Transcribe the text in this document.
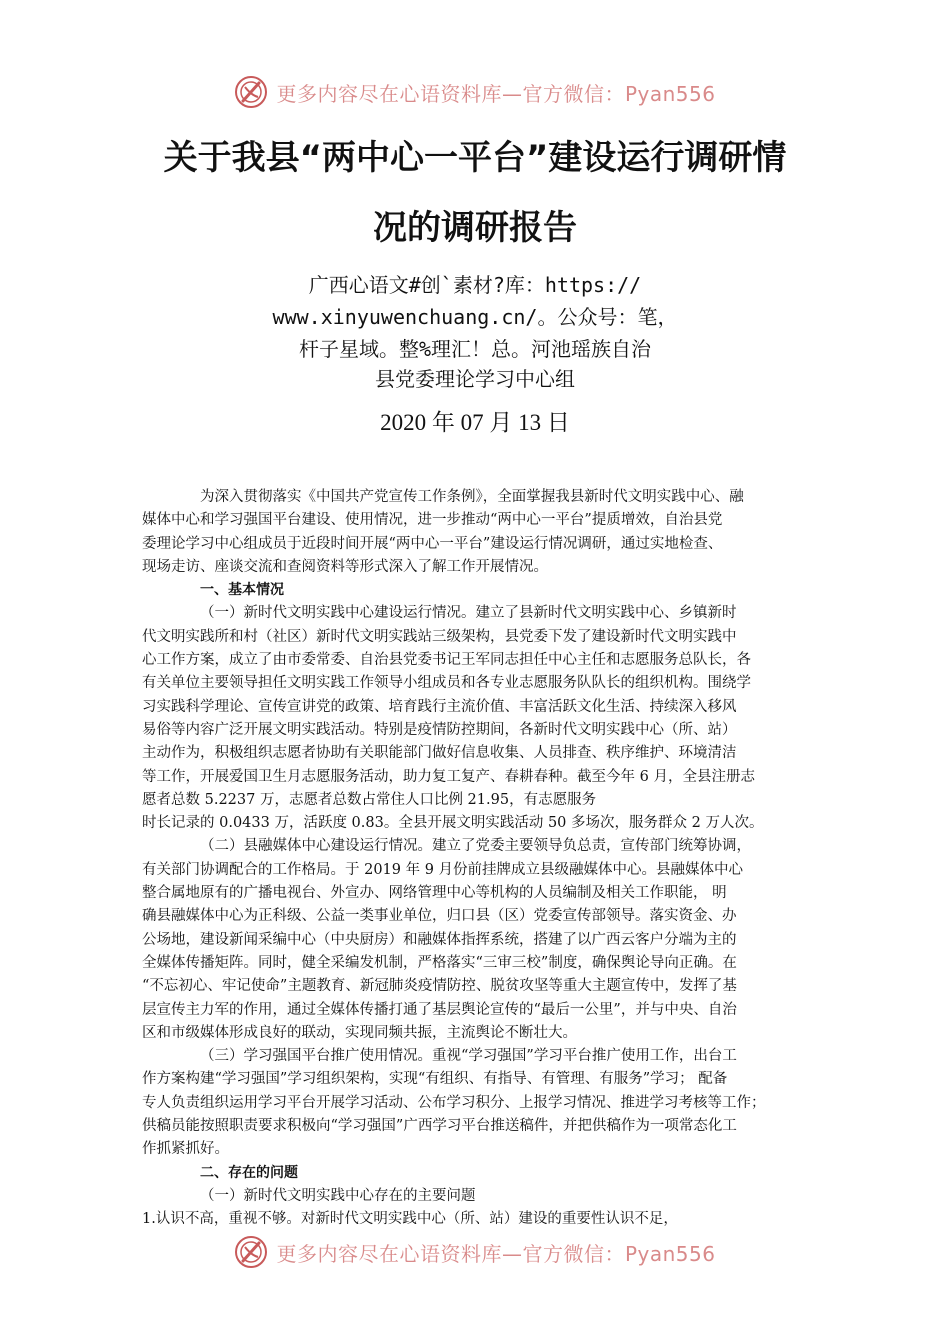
更多内容尽在心语资料库—官方微信：Pyan556
关于我县“两中心一平台”建设运行调研情
况的调研报告
广西心语文#创`素材?库：https://
www.xinyuwenchuang.cn/。公众号：笔，
杆子星域。整%理汇！总。河池瑶族自治
县党委理论学习中心组
2020 年 07 月 13 日
为深入贯彻落实《中国共产党宣传工作条例》，全面掌握我县新时代文明实践中心、融
媒体中心和学习强国平台建设、使用情况，进一步推动“两中心一平台”提质增效，自治县党
委理论学习中心组成员于近段时间开展“两中心一平台”建设运行情况调研，通过实地检查、
现场走访、座谈交流和查阅资料等形式深入了解工作开展情况。
一、基本情况
（一）新时代文明实践中心建设运行情况。建立了县新时代文明实践中心、乡镇新时
代文明实践所和村（社区）新时代文明实践站三级架构，县党委下发了建设新时代文明实践中
心工作方案，成立了由市委常委、自治县党委书记王军同志担任中心主任和志愿服务总队长，各
有关单位主要领导担任文明实践工作领导小组成员和各专业志愿服务队队长的组织机构。围绕学
习实践科学理论、宣传宣讲党的政策、培育践行主流价值、丰富活跃文化生活、持续深入移风
易俗等内容广泛开展文明实践活动。特别是疫情防控期间，各新时代文明实践中心（所、站）
主动作为，积极组织志愿者协助有关职能部门做好信息收集、人员排查、秩序维护、环境清洁
等工作，开展爱国卫生月志愿服务活动，助力复工复产、春耕春种。截至今年 6 月，全县注册志
愿者总数 5.2237 万，志愿者总数占常住人口比例 21.95，有志愿服务
时长记录的 0.0433 万，活跃度 0.83。全县开展文明实践活动 50 多场次，服务群众 2 万人次。
（二）县融媒体中心建设运行情况。建立了党委主要领导负总责，宣传部门统筹协调，
有关部门协调配合的工作格局。于 2019 年 9 月份前挂牌成立县级融媒体中心。县融媒体中心
整合属地原有的广播电视台、外宣办、网络管理中心等机构的人员编制及相关工作职能， 明
确县融媒体中心为正科级、公益一类事业单位，归口县（区）党委宣传部领导。落实资金、办
公场地，建设新闻采编中心（中央厨房）和融媒体指挥系统，搭建了以广西云客户分端为主的
全媒体传播矩阵。同时，健全采编发机制，严格落实“三审三校”制度，确保舆论导向正确。在
“不忘初心、牢记使命”主题教育、新冠肺炎疫情防控、脱贫攻坚等重大主题宣传中，发挥了基
层宣传主力军的作用，通过全媒体传播打通了基层舆论宣传的“最后一公里”，并与中央、自治
区和市级媒体形成良好的联动，实现同频共振，主流舆论不断壮大。
（三）学习强国平台推广使用情况。重视“学习强国”学习平台推广使用工作，出台工
作方案构建“学习强国”学习组织架构，实现“有组织、有指导、有管理、有服务”学习； 配备
专人负责组织运用学习平台开展学习活动、公布学习积分、上报学习情况、推进学习考核等工作；
供稿员能按照职责要求积极向“学习强国”广西学习平台推送稿件，并把供稿作为一项常态化工
作抓紧抓好。
二、存在的问题
（一）新时代文明实践中心存在的主要问题
1.认识不高，重视不够。对新时代文明实践中心（所、站）建设的重要性认识不足，
更多内容尽在心语资料库—官方微信：Pyan556
